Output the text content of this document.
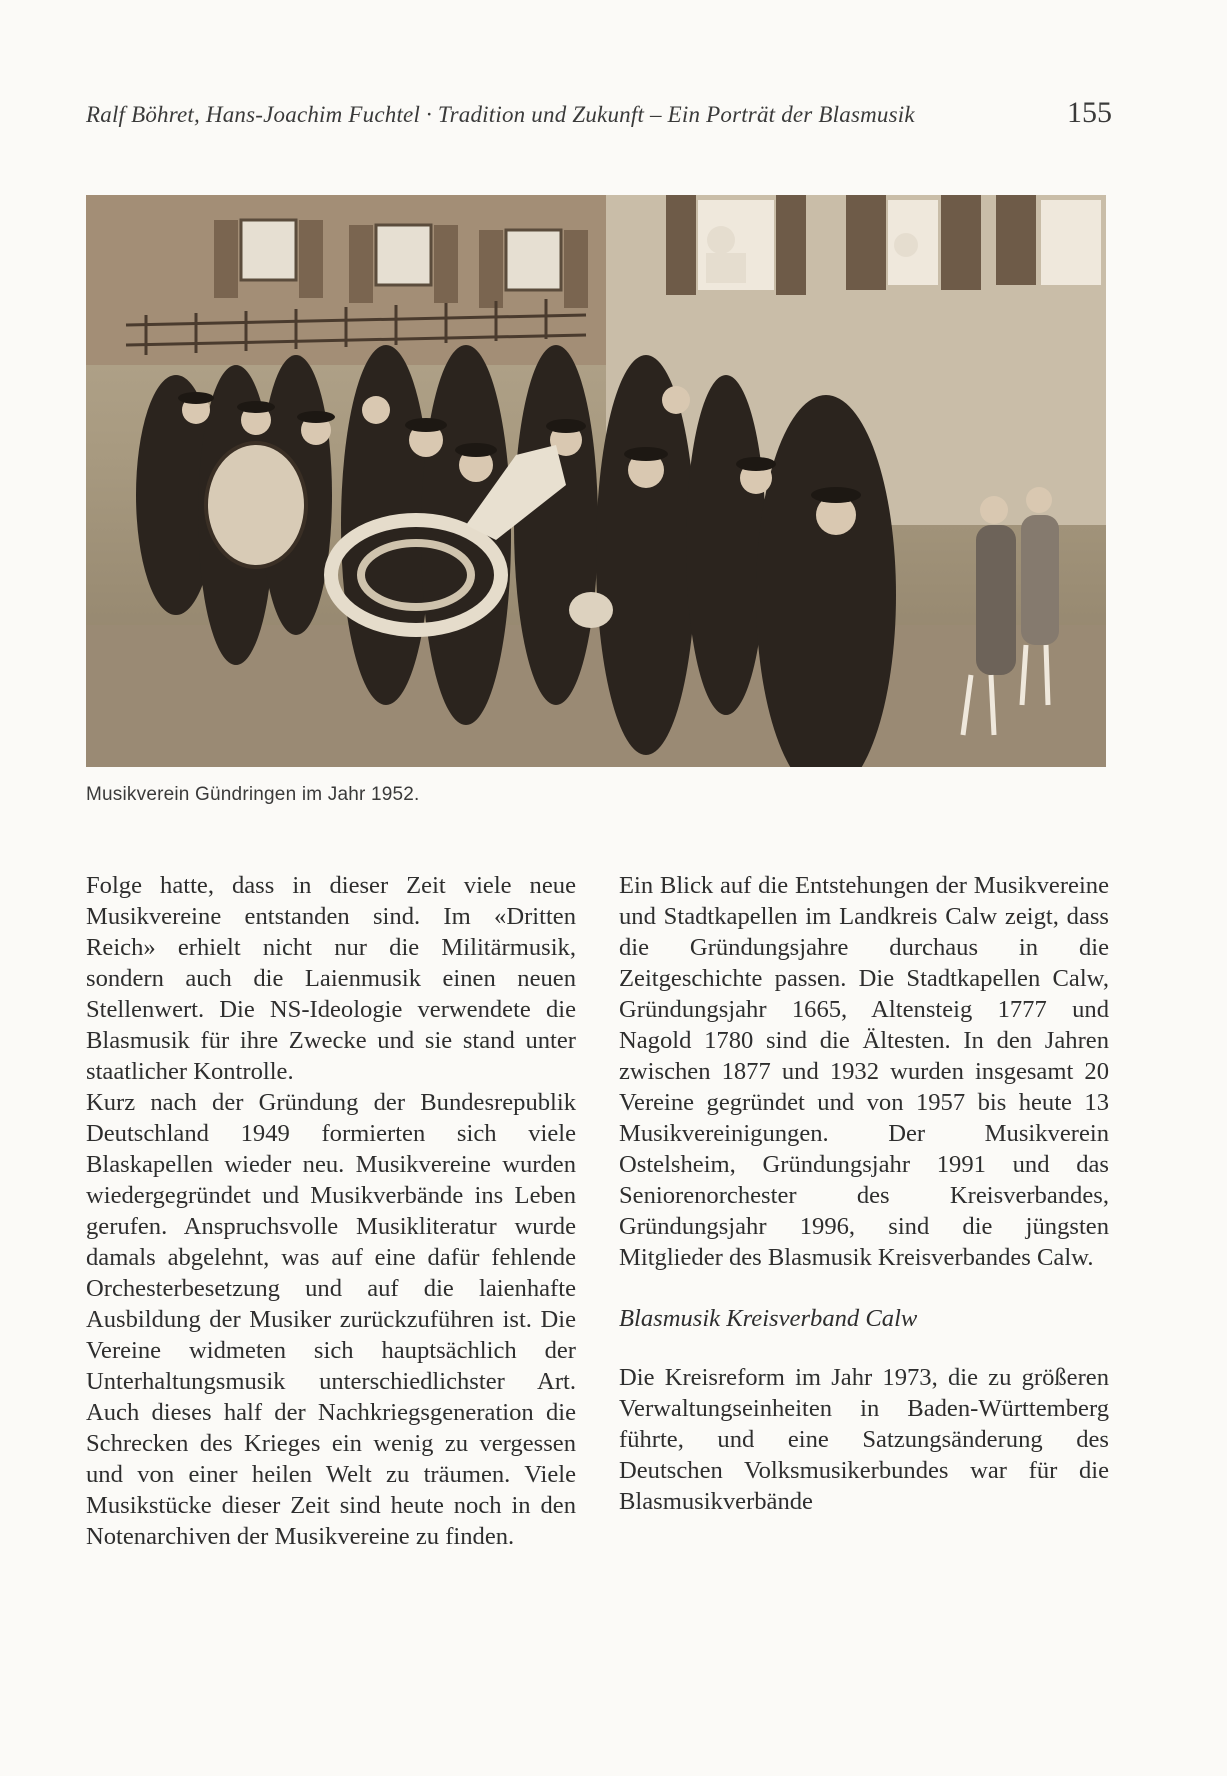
Ralf Böhret, Hans-Joachim Fuchtel · Tradition und Zukunft – Ein Porträt der Blasmusik	155
Musikverein Gündringen im Jahr 1952.

Folge hatte, dass in dieser Zeit viele neue Musikvereine entstanden sind. Im «Dritten Reich» erhielt nicht nur die Militärmusik, sondern auch die Laienmusik einen neuen Stellenwert. Die NS-Ideologie verwendete die Blasmusik für ihre Zwecke und sie stand unter staatlicher Kontrolle.

Kurz nach der Gründung der Bundesrepublik Deutschland 1949 formierten sich viele Blaskapellen wieder neu. Musikvereine wurden wiedergegründet und Musikverbände ins Leben gerufen. Anspruchsvolle Musikliteratur wurde damals abgelehnt, was auf eine dafür fehlende Orchesterbesetzung und auf die laienhafte Ausbildung der Musiker zurückzuführen ist. Die Vereine widmeten sich hauptsächlich der Unterhaltungsmusik unterschiedlichster Art. Auch dieses half der Nachkriegsgeneration die Schrecken des Krieges ein wenig zu vergessen und von einer heilen Welt zu träumen. Viele Musikstücke dieser Zeit sind heute noch in den Notenarchiven der Musikvereine zu finden.

Ein Blick auf die Entstehungen der Musikvereine und Stadtkapellen im Landkreis Calw zeigt, dass die Gründungsjahre durchaus in die Zeitgeschichte passen. Die Stadtkapellen Calw, Gründungsjahr 1665, Altensteig 1777 und Nagold 1780 sind die Ältesten. In den Jahren zwischen 1877 und 1932 wurden insgesamt 20 Vereine gegründet und von 1957 bis heute 13 Musikvereinigungen. Der Musikverein Ostelsheim, Gründungsjahr 1991 und das Seniorenorchester des Kreisverbandes, Gründungsjahr 1996, sind die jüngsten Mitglieder des Blasmusik Kreisverbandes Calw.

Blasmusik Kreisverband Calw

Die Kreisreform im Jahr 1973, die zu größeren Verwaltungseinheiten in Baden-Württemberg führte, und eine Satzungsänderung des Deutschen Volksmusikerbundes war für die Blasmusikverbände
